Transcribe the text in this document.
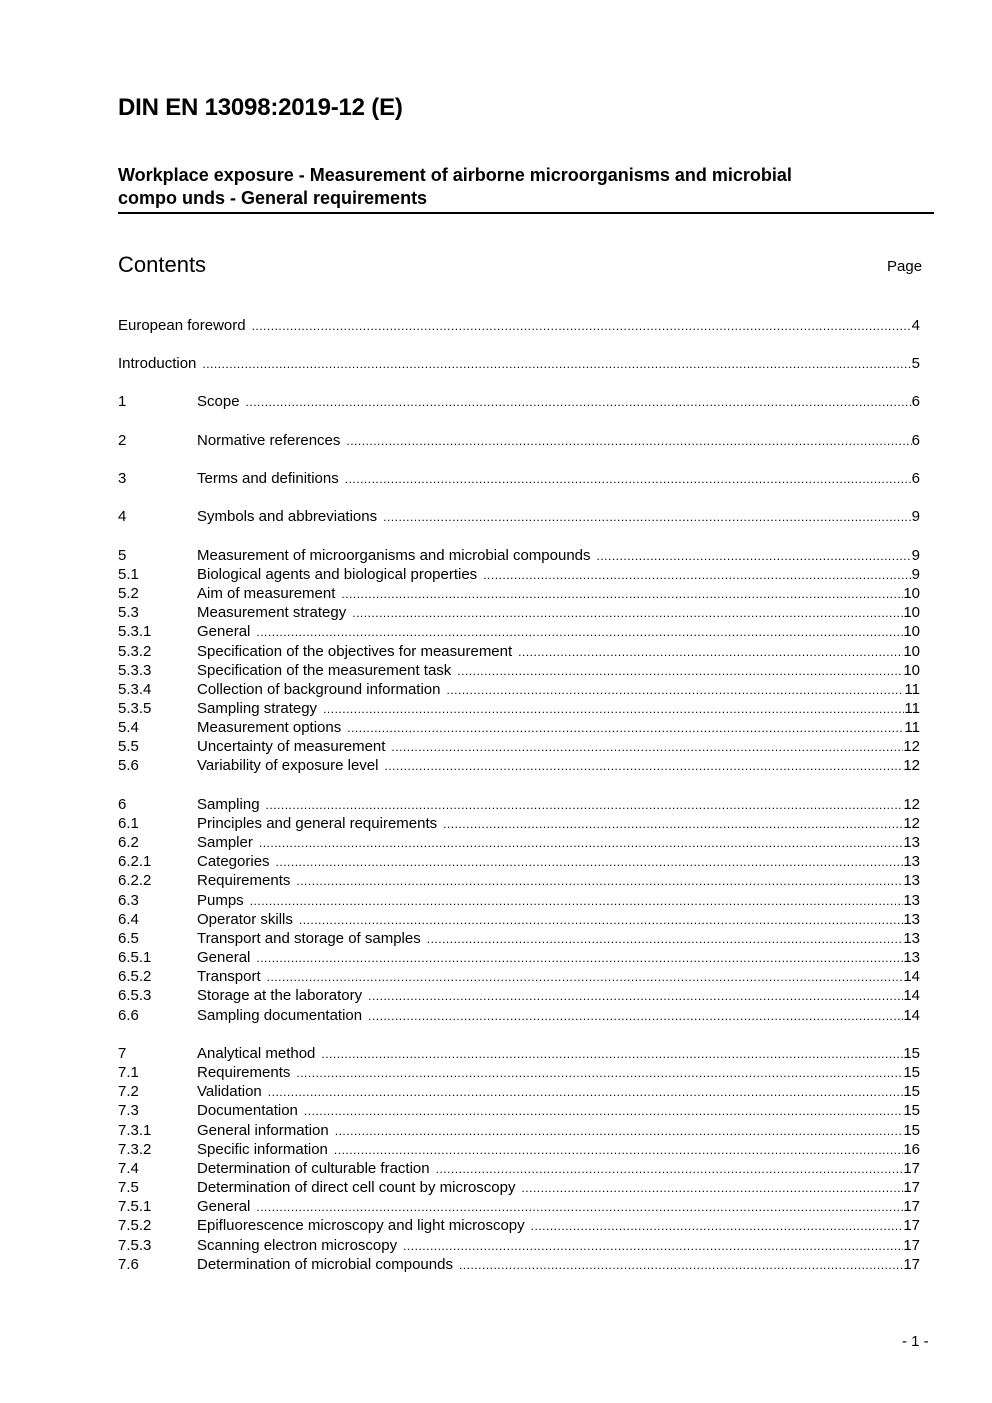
DIN EN 13098:2019-12 (E)
Workplace exposure - Measurement of airborne microorganisms and microbial
compo unds - General requirements
Contents	Page
European foreword .....	4
Introduction .....	5
1	Scope .....	6
2	Normative references .....	6
3	Terms and definitions .....	6
4	Symbols and abbreviations .....	9
5	Measurement of microorganisms and microbial compounds .....	9
5.1	Biological agents and biological properties .....	9
5.2	Aim of measurement .....	10
5.3	Measurement strategy .....	10
5.3.1	General .....	10
5.3.2	Specification of the objectives for measurement .....	10
5.3.3	Specification of the measurement task .....	10
5.3.4	Collection of background information .....	11
5.3.5	Sampling strategy .....	11
5.4	Measurement options .....	11
5.5	Uncertainty of measurement .....	12
5.6	Variability of exposure level .....	12
6	Sampling .....	12
6.1	Principles and general requirements .....	12
6.2	Sampler .....	13
6.2.1	Categories .....	13
6.2.2	Requirements .....	13
6.3	Pumps .....	13
6.4	Operator skills .....	13
6.5	Transport and storage of samples .....	13
6.5.1	General .....	13
6.5.2	Transport .....	14
6.5.3	Storage at the laboratory .....	14
6.6	Sampling documentation .....	14
7	Analytical method .....	15
7.1	Requirements .....	15
7.2	Validation .....	15
7.3	Documentation .....	15
7.3.1	General information .....	15
7.3.2	Specific information .....	16
7.4	Determination of culturable fraction .....	17
7.5	Determination of direct cell count by microscopy .....	17
7.5.1	General .....	17
7.5.2	Epifluorescence microscopy and light microscopy .....	17
7.5.3	Scanning electron microscopy .....	17
7.6	Determination of microbial compounds .....	17
- 1 -
